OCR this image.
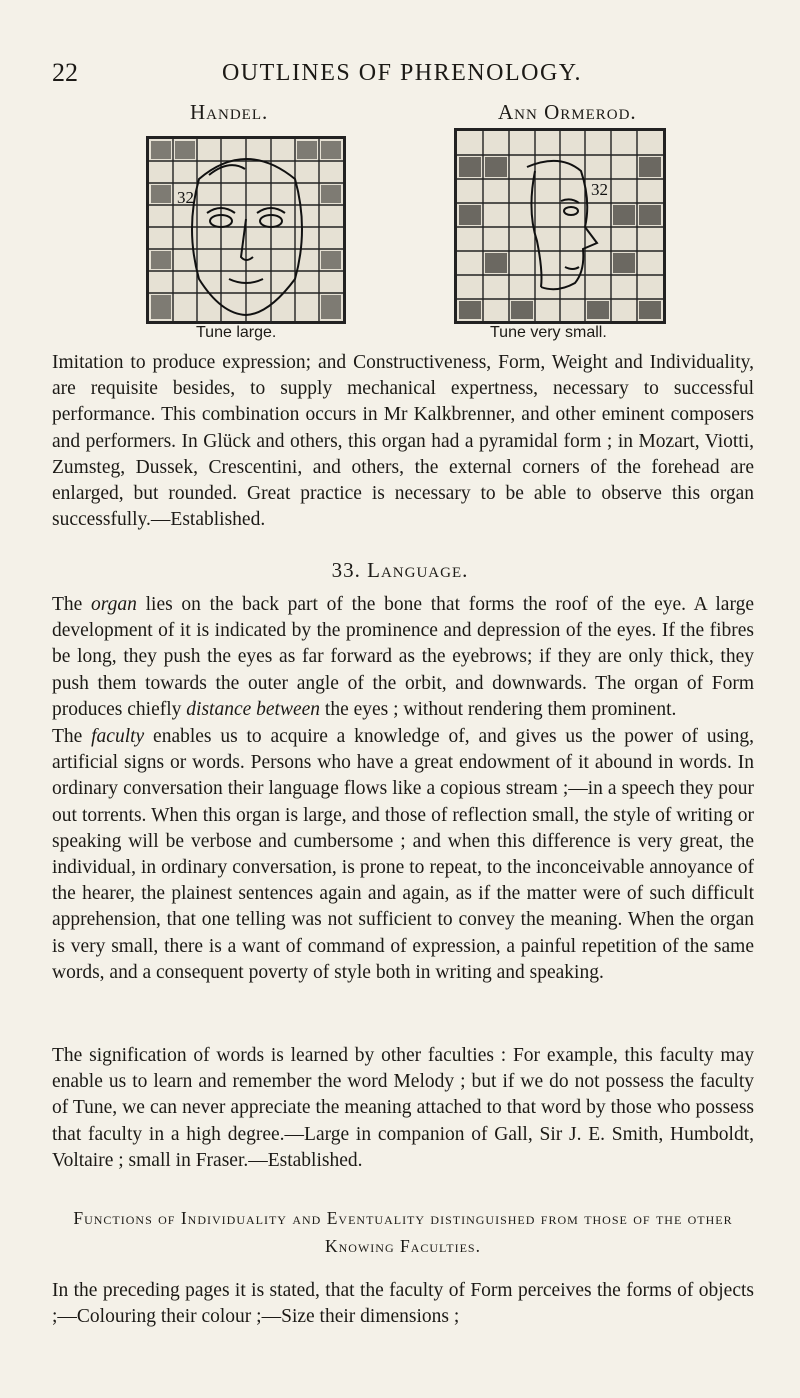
22	OUTLINES OF PHRENOLOGY.
Handel.
32
Tune large.
Ann Ormerod.
32
Tune very small.

Imitation to produce expression; and Constructiveness, Form, Weight and Individuality, are requisite besides, to supply mechanical expertness, necessary to successful performance. This combination occurs in Mr Kalkbrenner, and other eminent composers and performers. In Glück and others, this organ had a pyramidal form ; in Mozart, Viotti, Zumsteg, Dussek, Crescentini, and others, the external corners of the forehead are enlarged, but rounded. Great practice is necessary to be able to observe this organ successfully.—Established.

33. Language.

The organ lies on the back part of the bone that forms the roof of the eye. A large development of it is indicated by the prominence and depression of the eyes. If the fibres be long, they push the eyes as far forward as the eyebrows; if they are only thick, they push them towards the outer angle of the orbit, and downwards. The organ of Form produces chiefly distance between the eyes ; without rendering them prominent.

The faculty enables us to acquire a knowledge of, and gives us the power of using, artificial signs or words. Persons who have a great endowment of it abound in words. In ordinary conversation their language flows like a copious stream ;—in a speech they pour out torrents. When this organ is large, and those of reflection small, the style of writing or speaking will be verbose and cumbersome ; and when this difference is very great, the individual, in ordinary conversation, is prone to repeat, to the inconceivable annoyance of the hearer, the plainest sentences again and again, as if the matter were of such difficult apprehension, that one telling was not sufficient to convey the meaning. When the organ is very small, there is a want of command of expression, a painful repetition of the same words, and a consequent poverty of style both in writing and speaking.

The signification of words is learned by other faculties : For example, this faculty may enable us to learn and remember the word Melody ; but if we do not possess the faculty of Tune, we can never appreciate the meaning attached to that word by those who possess that faculty in a high degree.—Large in companion of Gall, Sir J. E. Smith, Humboldt, Voltaire ; small in Fraser.—Established.

Functions of Individuality and Eventuality distinguished from those of the other Knowing Faculties.

In the preceding pages it is stated, that the faculty of Form perceives the forms of objects ;—Colouring their colour ;—Size their dimensions ;
